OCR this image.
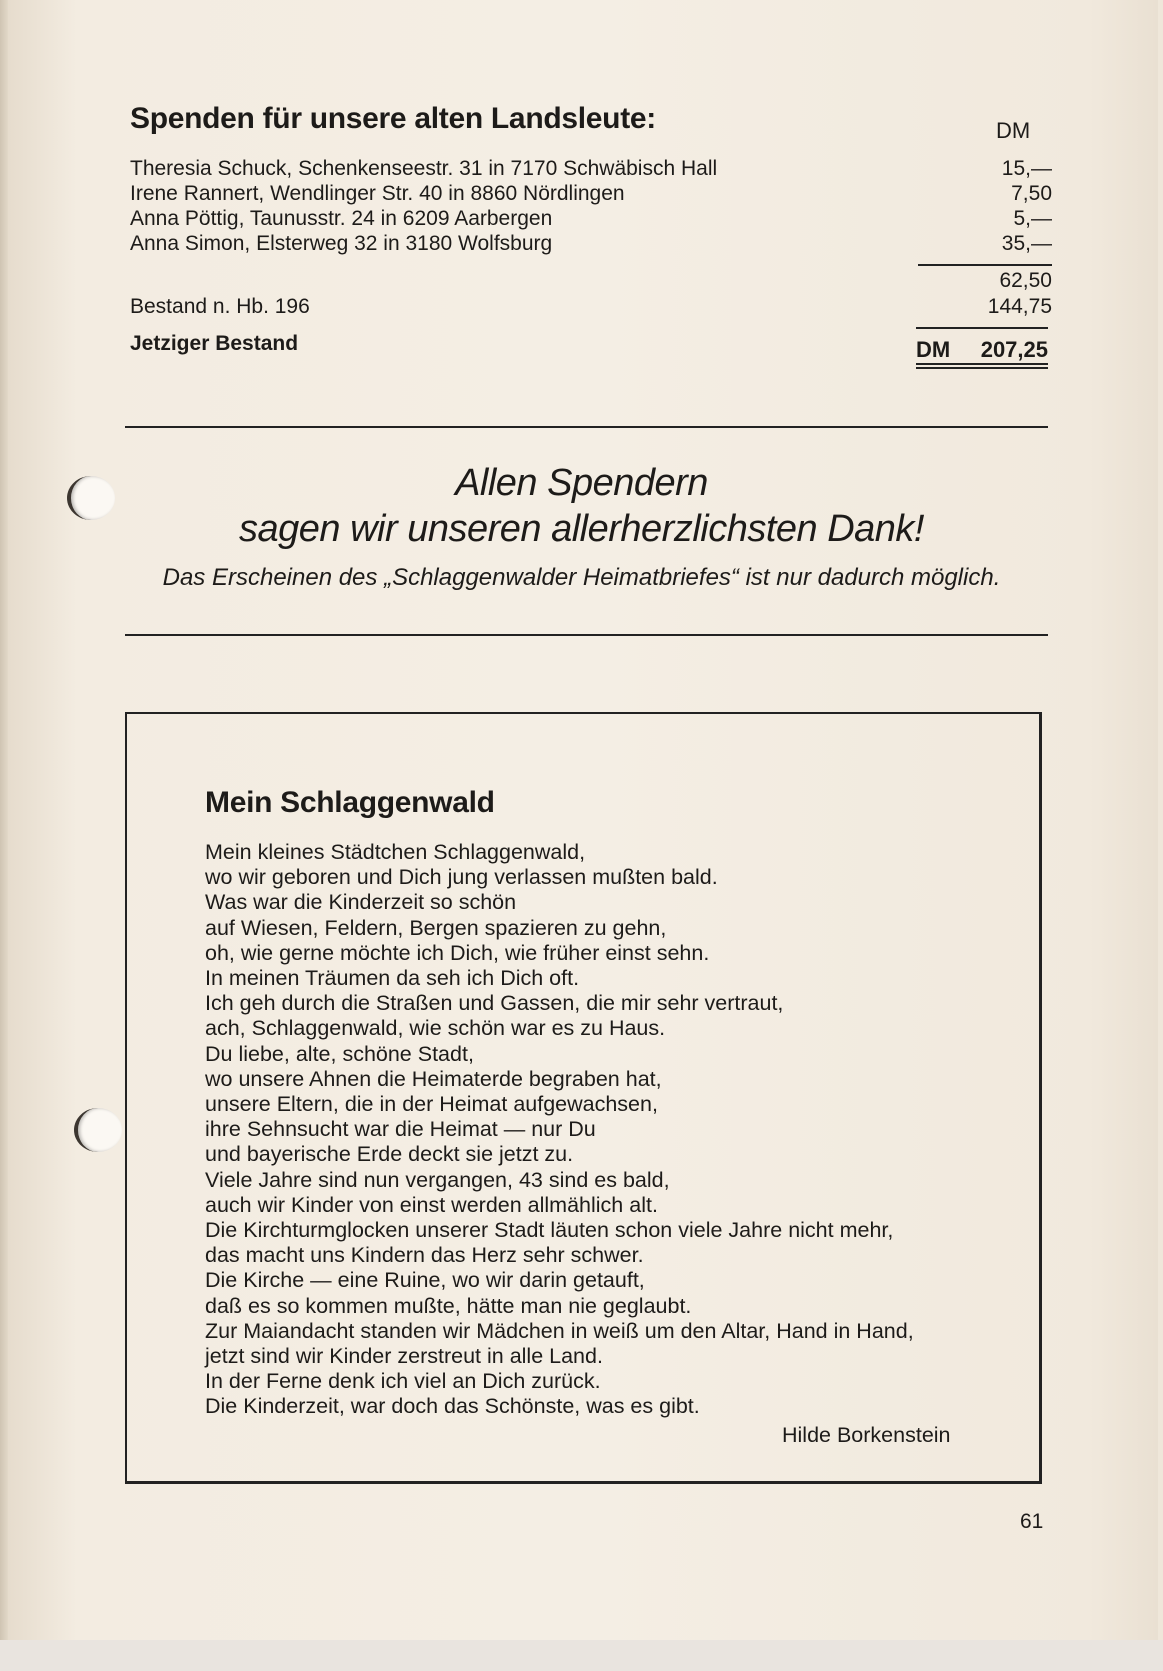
Spenden für unsere alten Landsleute:	DM
Theresia Schuck, Schenkenseestr. 31 in 7170 Schwäbisch Hall	15,—
Irene Rannert, Wendlinger Str. 40 in 8860 Nördlingen	7,50
Anna Pöttig, Taunusstr. 24 in 6209 Aarbergen	5,—
Anna Simon, Elsterweg 32 in 3180 Wolfsburg	35,—
62,50
Bestand n. Hb. 196	144,75
Jetziger Bestand	DM 207,25
Allen Spendern
sagen wir unseren allerherzlichsten Dank!
Das Erscheinen des „Schlaggenwalder Heimatbriefes“ ist nur dadurch möglich.
Mein Schlaggenwald
Mein kleines Städtchen Schlaggenwald,
wo wir geboren und Dich jung verlassen mußten bald.
Was war die Kinderzeit so schön
auf Wiesen, Feldern, Bergen spazieren zu gehn,
oh, wie gerne möchte ich Dich, wie früher einst sehn.
In meinen Träumen da seh ich Dich oft.
Ich geh durch die Straßen und Gassen, die mir sehr vertraut,
ach, Schlaggenwald, wie schön war es zu Haus.
Du liebe, alte, schöne Stadt,
wo unsere Ahnen die Heimaterde begraben hat,
unsere Eltern, die in der Heimat aufgewachsen,
ihre Sehnsucht war die Heimat — nur Du
und bayerische Erde deckt sie jetzt zu.
Viele Jahre sind nun vergangen, 43 sind es bald,
auch wir Kinder von einst werden allmählich alt.
Die Kirchturmglocken unserer Stadt läuten schon viele Jahre nicht mehr,
das macht uns Kindern das Herz sehr schwer.
Die Kirche — eine Ruine, wo wir darin getauft,
daß es so kommen mußte, hätte man nie geglaubt.
Zur Maiandacht standen wir Mädchen in weiß um den Altar, Hand in Hand,
jetzt sind wir Kinder zerstreut in alle Land.
In der Ferne denk ich viel an Dich zurück.
Die Kinderzeit, war doch das Schönste, was es gibt.
Hilde Borkenstein
61
